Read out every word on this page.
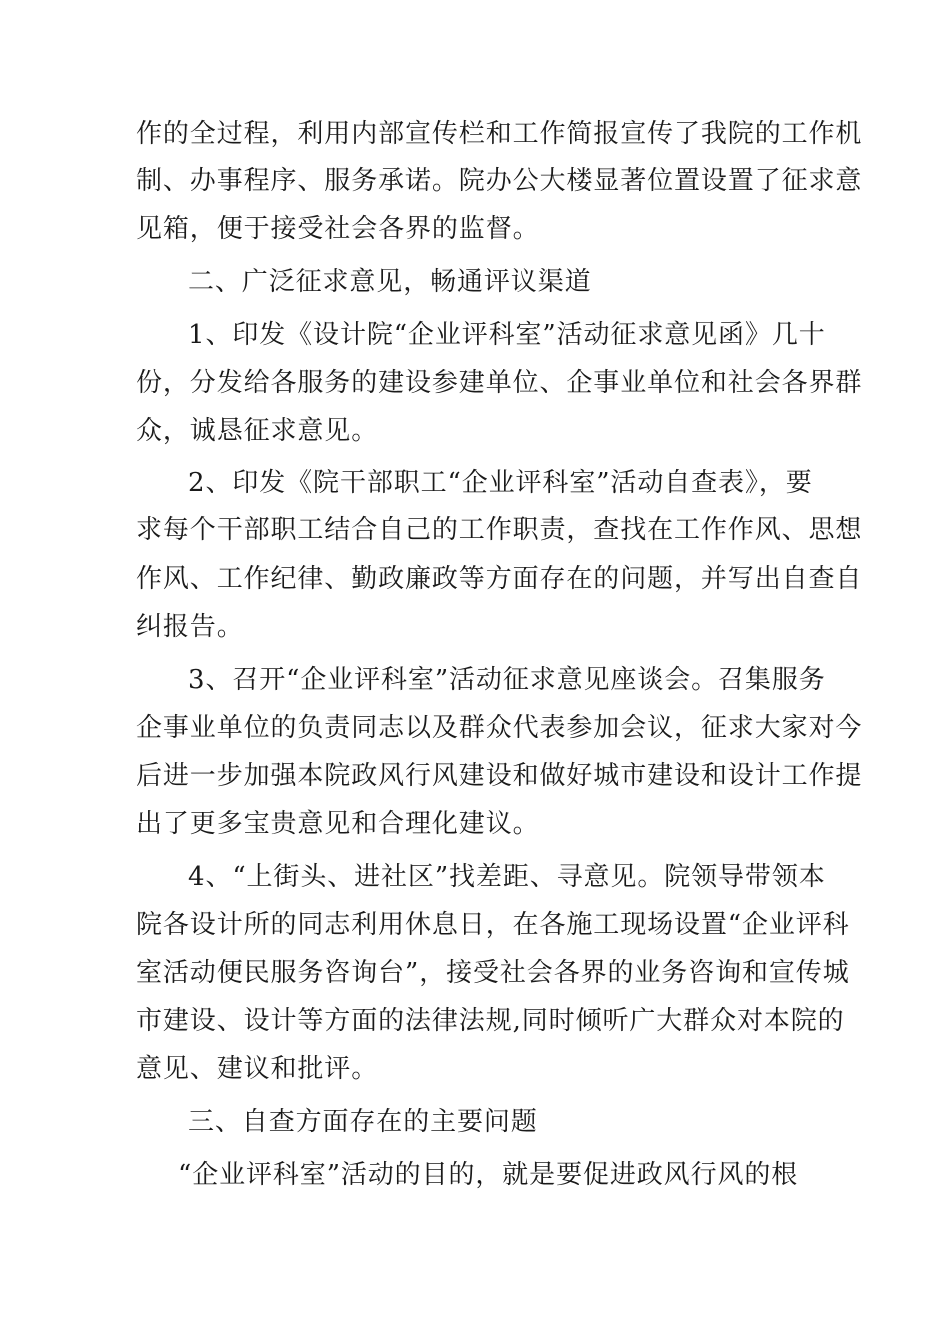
作的全过程，利用内部宣传栏和工作简报宣传了我院的工作机
制、办事程序、服务承诺。院办公大楼显著位置设置了征求意
见箱，便于接受社会各界的监督。
二、广泛征求意见，畅通评议渠道
1、印发《设计院“企业评科室”活动征求意见函》几十
份，分发给各服务的建设参建单位、企事业单位和社会各界群
众，诚恳征求意见。
2、印发《院干部职工“企业评科室”活动自查表》，要
求每个干部职工结合自己的工作职责，查找在工作作风、思想
作风、工作纪律、勤政廉政等方面存在的问题，并写出自查自
纠报告。
3、召开“企业评科室”活动征求意见座谈会。召集服务
企事业单位的负责同志以及群众代表参加会议，征求大家对今
后进一步加强本院政风行风建设和做好城市建设和设计工作提
出了更多宝贵意见和合理化建议。
4、“上街头、进社区”找差距、寻意见。院领导带领本
院各设计所的同志利用休息日，在各施工现场设置“企业评科
室活动便民服务咨询台”，接受社会各界的业务咨询和宣传城
市建设、设计等方面的法律法规,同时倾听广大群众对本院的
意见、建议和批评。
三、自查方面存在的主要问题
“企业评科室”活动的目的，就是要促进政风行风的根
